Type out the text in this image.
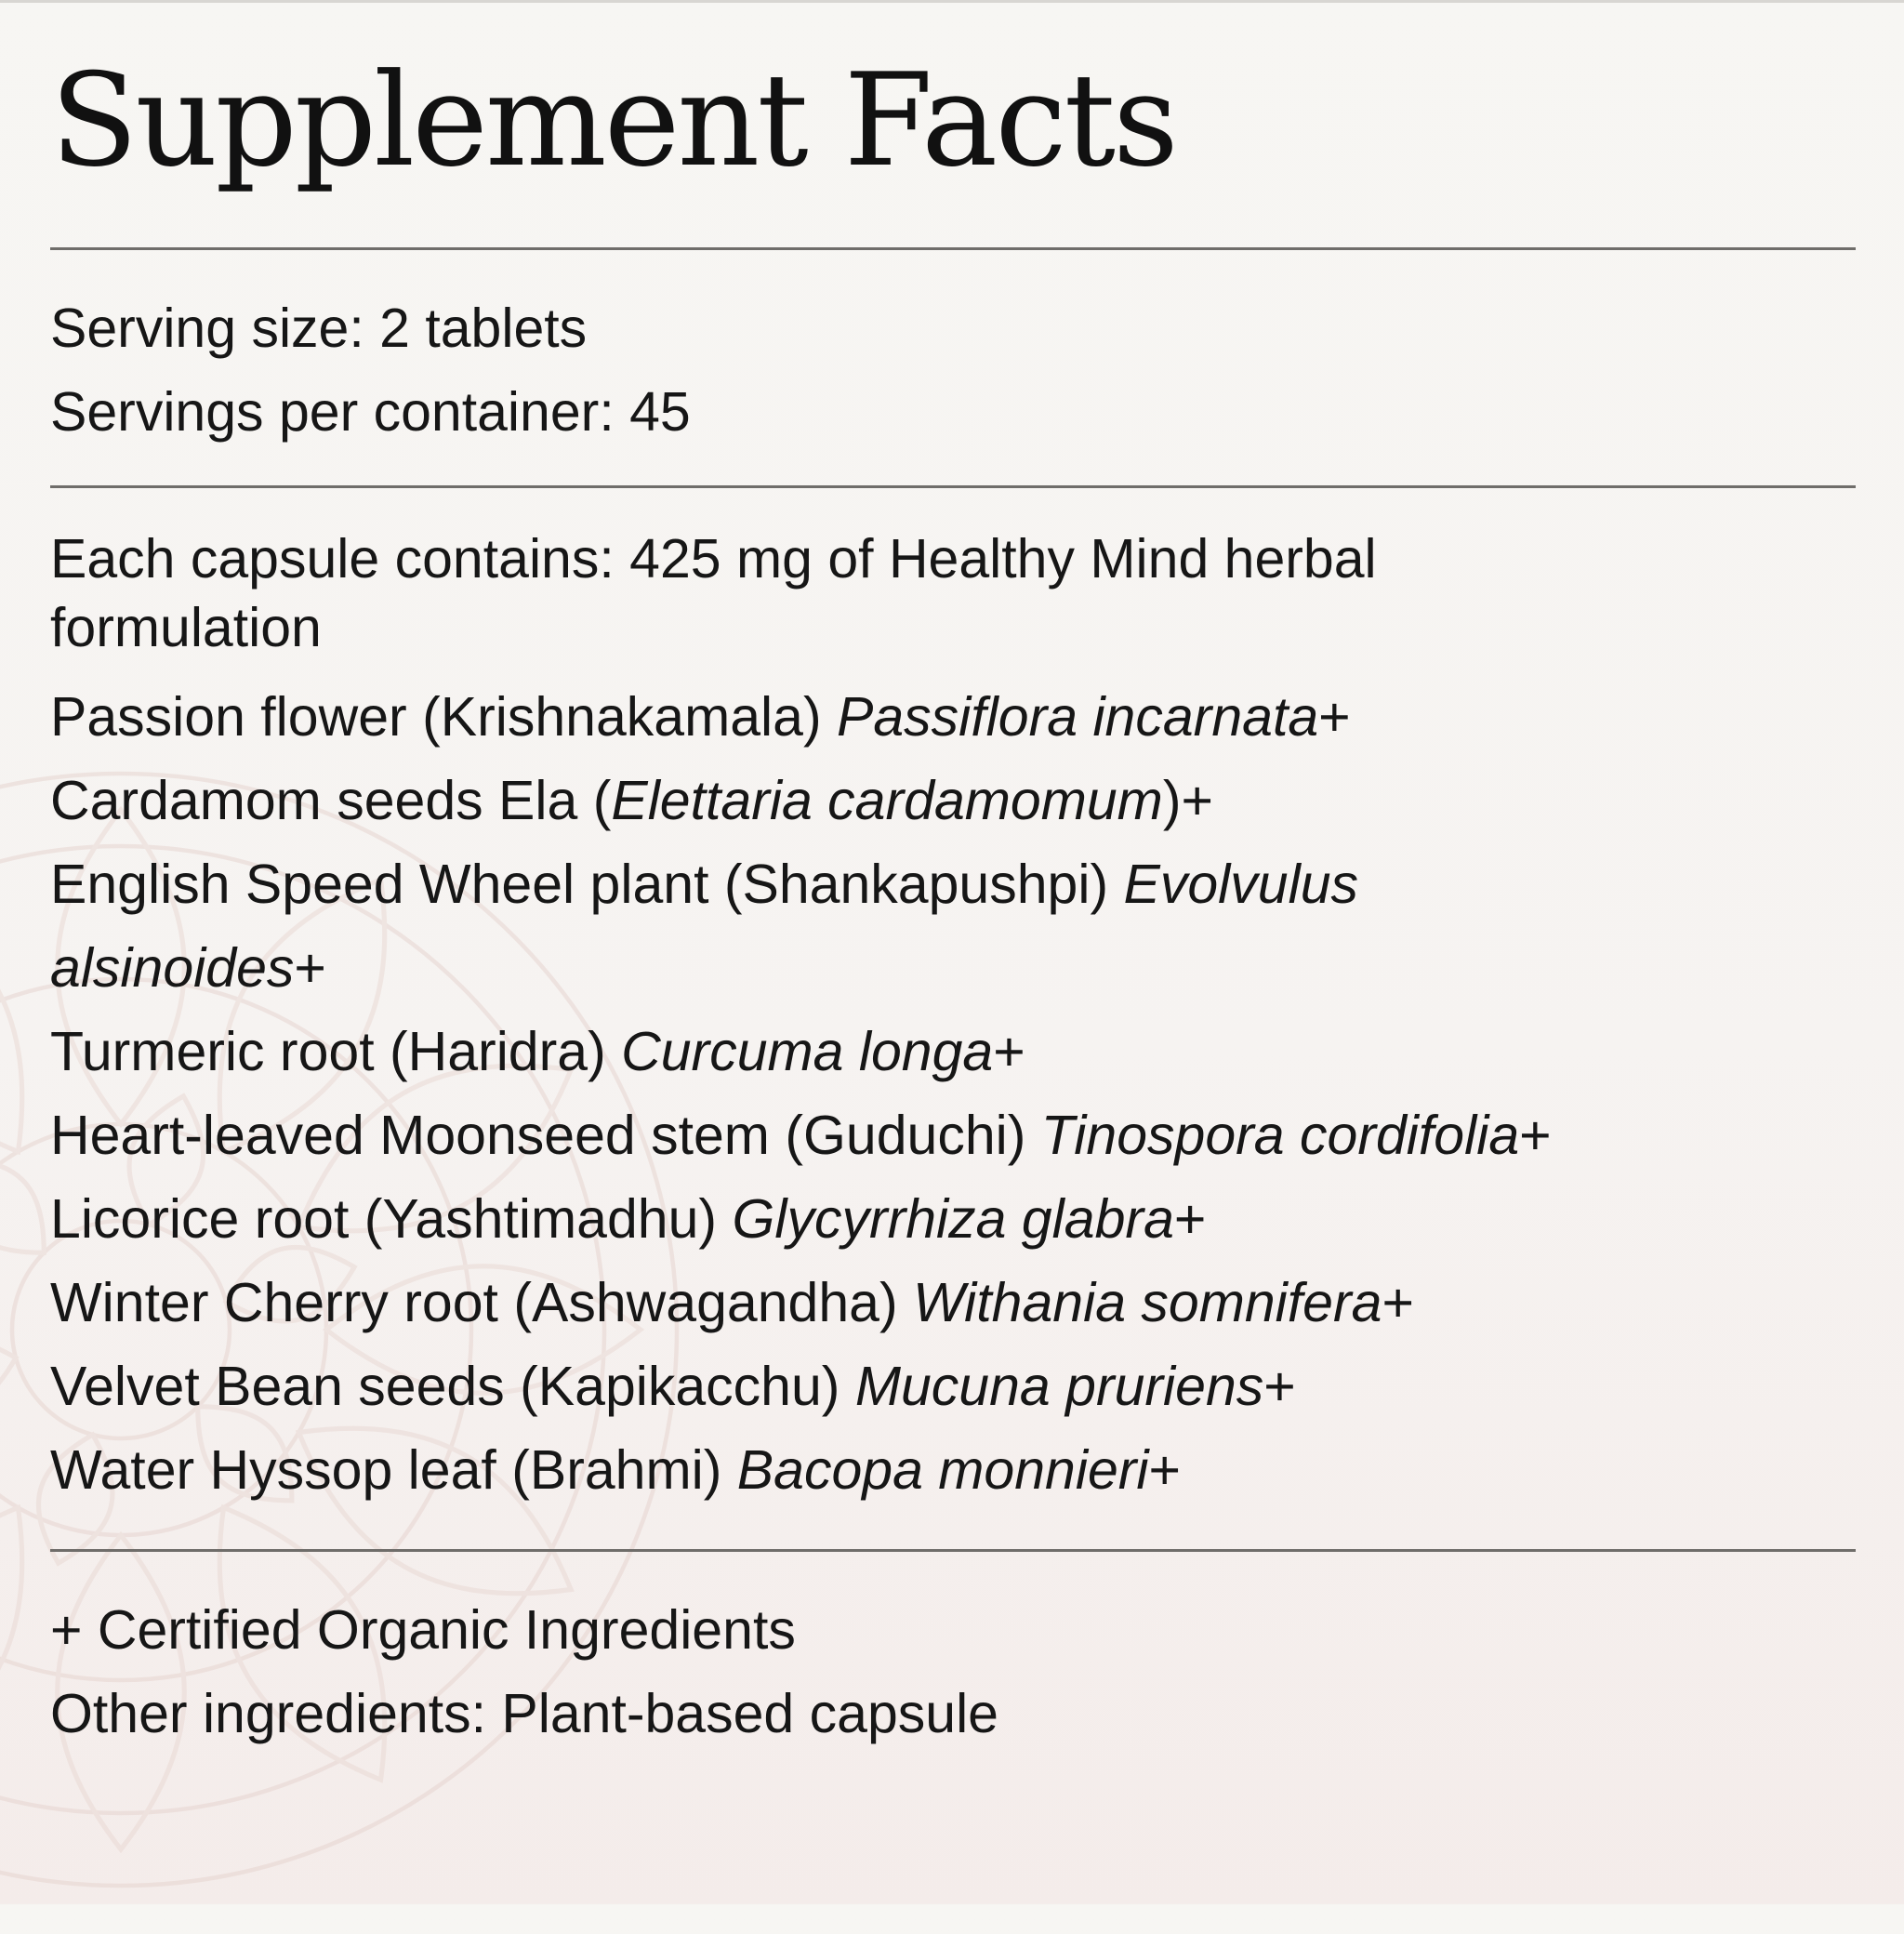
Supplement Facts
Serving size: 2 tablets
Servings per container: 45
Each capsule contains: 425 mg of Healthy Mind herbal
formulation
Passion flower (Krishnakamala) Passiflora incarnata+
Cardamom seeds Ela (Elettaria cardamomum)+
English Speed Wheel plant (Shankapushpi) Evolvulus
alsinoides+
Turmeric root (Haridra) Curcuma longa+
Heart-leaved Moonseed stem (Guduchi) Tinospora cordifolia+
Licorice root (Yashtimadhu) Glycyrrhiza glabra+
Winter Cherry root (Ashwagandha) Withania somnifera+
Velvet Bean seeds (Kapikacchu) Mucuna pruriens+
Water Hyssop leaf (Brahmi) Bacopa monnieri+
+ Certified Organic Ingredients
Other ingredients: Plant-based capsule
